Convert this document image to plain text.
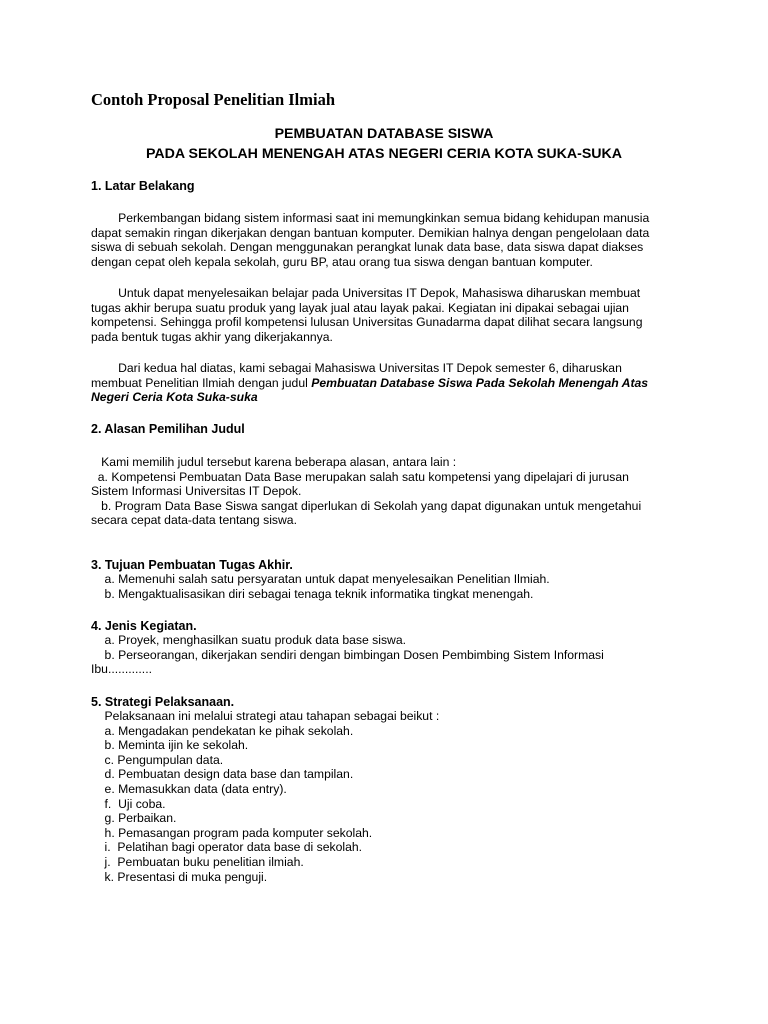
Contoh Proposal Penelitian Ilmiah
PEMBUATAN DATABASE SISWA
PADA SEKOLAH MENENGAH ATAS NEGERI CERIA KOTA SUKA-SUKA
1. Latar Belakang
Perkembangan bidang sistem informasi saat ini memungkinkan semua bidang kehidupan manusia
dapat semakin ringan dikerjakan dengan bantuan komputer. Demikian halnya dengan pengelolaan data
siswa di sebuah sekolah. Dengan menggunakan perangkat lunak data base, data siswa dapat diakses
dengan cepat oleh kepala sekolah, guru BP, atau orang tua siswa dengan bantuan komputer.
Untuk dapat menyelesaikan belajar pada Universitas IT Depok, Mahasiswa diharuskan membuat
tugas akhir berupa suatu produk yang layak jual atau layak pakai. Kegiatan ini dipakai sebagai ujian
kompetensi. Sehingga profil kompetensi lulusan Universitas Gunadarma dapat dilihat secara langsung
pada bentuk tugas akhir yang dikerjakannya.
Dari kedua hal diatas, kami sebagai Mahasiswa Universitas IT Depok semester 6, diharuskan
membuat Penelitian Ilmiah dengan judul Pembuatan Database Siswa Pada Sekolah Menengah Atas
Negeri Ceria Kota Suka-suka
2. Alasan Pemilihan Judul
Kami memilih judul tersebut karena beberapa alasan, antara lain :
a. Kompetensi Pembuatan Data Base merupakan salah satu kompetensi yang dipelajari di jurusan
Sistem Informasi Universitas IT Depok.
b. Program Data Base Siswa sangat diperlukan di Sekolah yang dapat digunakan untuk mengetahui
secara cepat data-data tentang siswa.
3. Tujuan Pembuatan Tugas Akhir.
a. Memenuhi salah satu persyaratan untuk dapat menyelesaikan Penelitian Ilmiah.
b. Mengaktualisasikan diri sebagai tenaga teknik informatika tingkat menengah.
4. Jenis Kegiatan.
a. Proyek, menghasilkan suatu produk data base siswa.
b. Perseorangan, dikerjakan sendiri dengan bimbingan Dosen Pembimbing Sistem Informasi
Ibu.............
5. Strategi Pelaksanaan.
Pelaksanaan ini melalui strategi atau tahapan sebagai beikut :
a. Mengadakan pendekatan ke pihak sekolah.
b. Meminta ijin ke sekolah.
c. Pengumpulan data.
d. Pembuatan design data base dan tampilan.
e. Memasukkan data (data entry).
f.  Uji coba.
g. Perbaikan.
h. Pemasangan program pada komputer sekolah.
i.  Pelatihan bagi operator data base di sekolah.
j.  Pembuatan buku penelitian ilmiah.
k. Presentasi di muka penguji.
